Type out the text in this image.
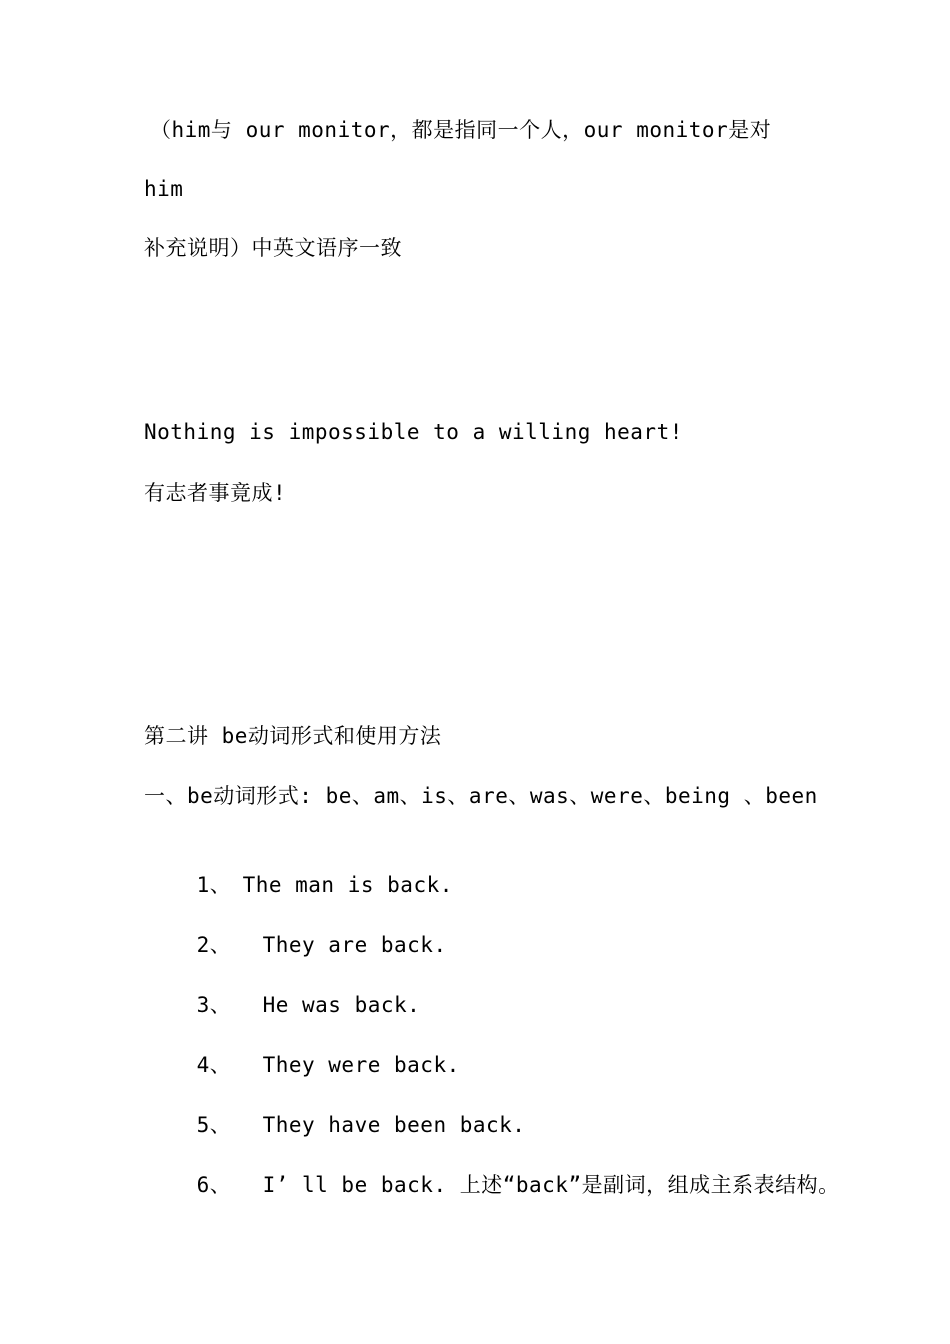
（him与 our monitor，都是指同一个人，our monitor是对
him
补充说明）中英文语序一致
Nothing is impossible to a willing heart!
有志者事竟成!
第二讲 be动词形式和使用方法
一、be动词形式: be、am、is、are、was、were、being 、been

1、 The man is back.

2、 They are back.

3、 He was back.

4、 They were back.

5、 They have been back.

6、 I’ ll be back. 上述“back”是副词，组成主系表结构。
